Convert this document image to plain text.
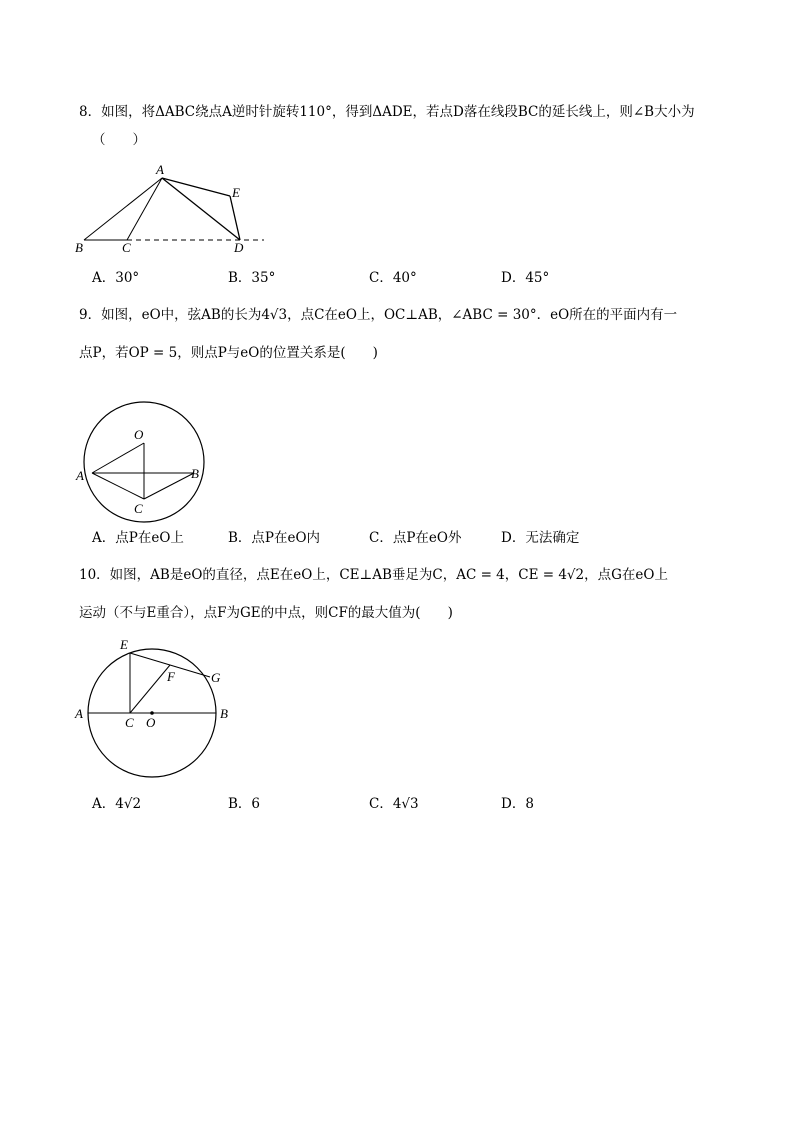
8．如图，将ΔABC绕点A逆时针旋转110°，得到ΔADE，若点D落在线段BC的延长线上，则∠B大小为
（　　）
A
E
B	C	D
A．30°	B．35°	C．40°	D．45°
9．如图，eO中，弦AB的长为4√3，点C在eO上，OC⊥AB，∠ABC = 30°．eO所在的平面内有一
点P，若OP = 5，则点P与eO的位置关系是(　　)
O
A	B
C
A．点P在eO上	B．点P在eO内	C．点P在eO外	D．无法确定
10．如图，AB是eO的直径，点E在eO上，CE⊥AB垂足为C，AC = 4，CE = 4√2，点G在eO上
运动（不与E重合），点F为GE的中点，则CF的最大值为(　　)
E
F	G
A
C O
B
A．4√2	B．6	C．4√3	D．8
